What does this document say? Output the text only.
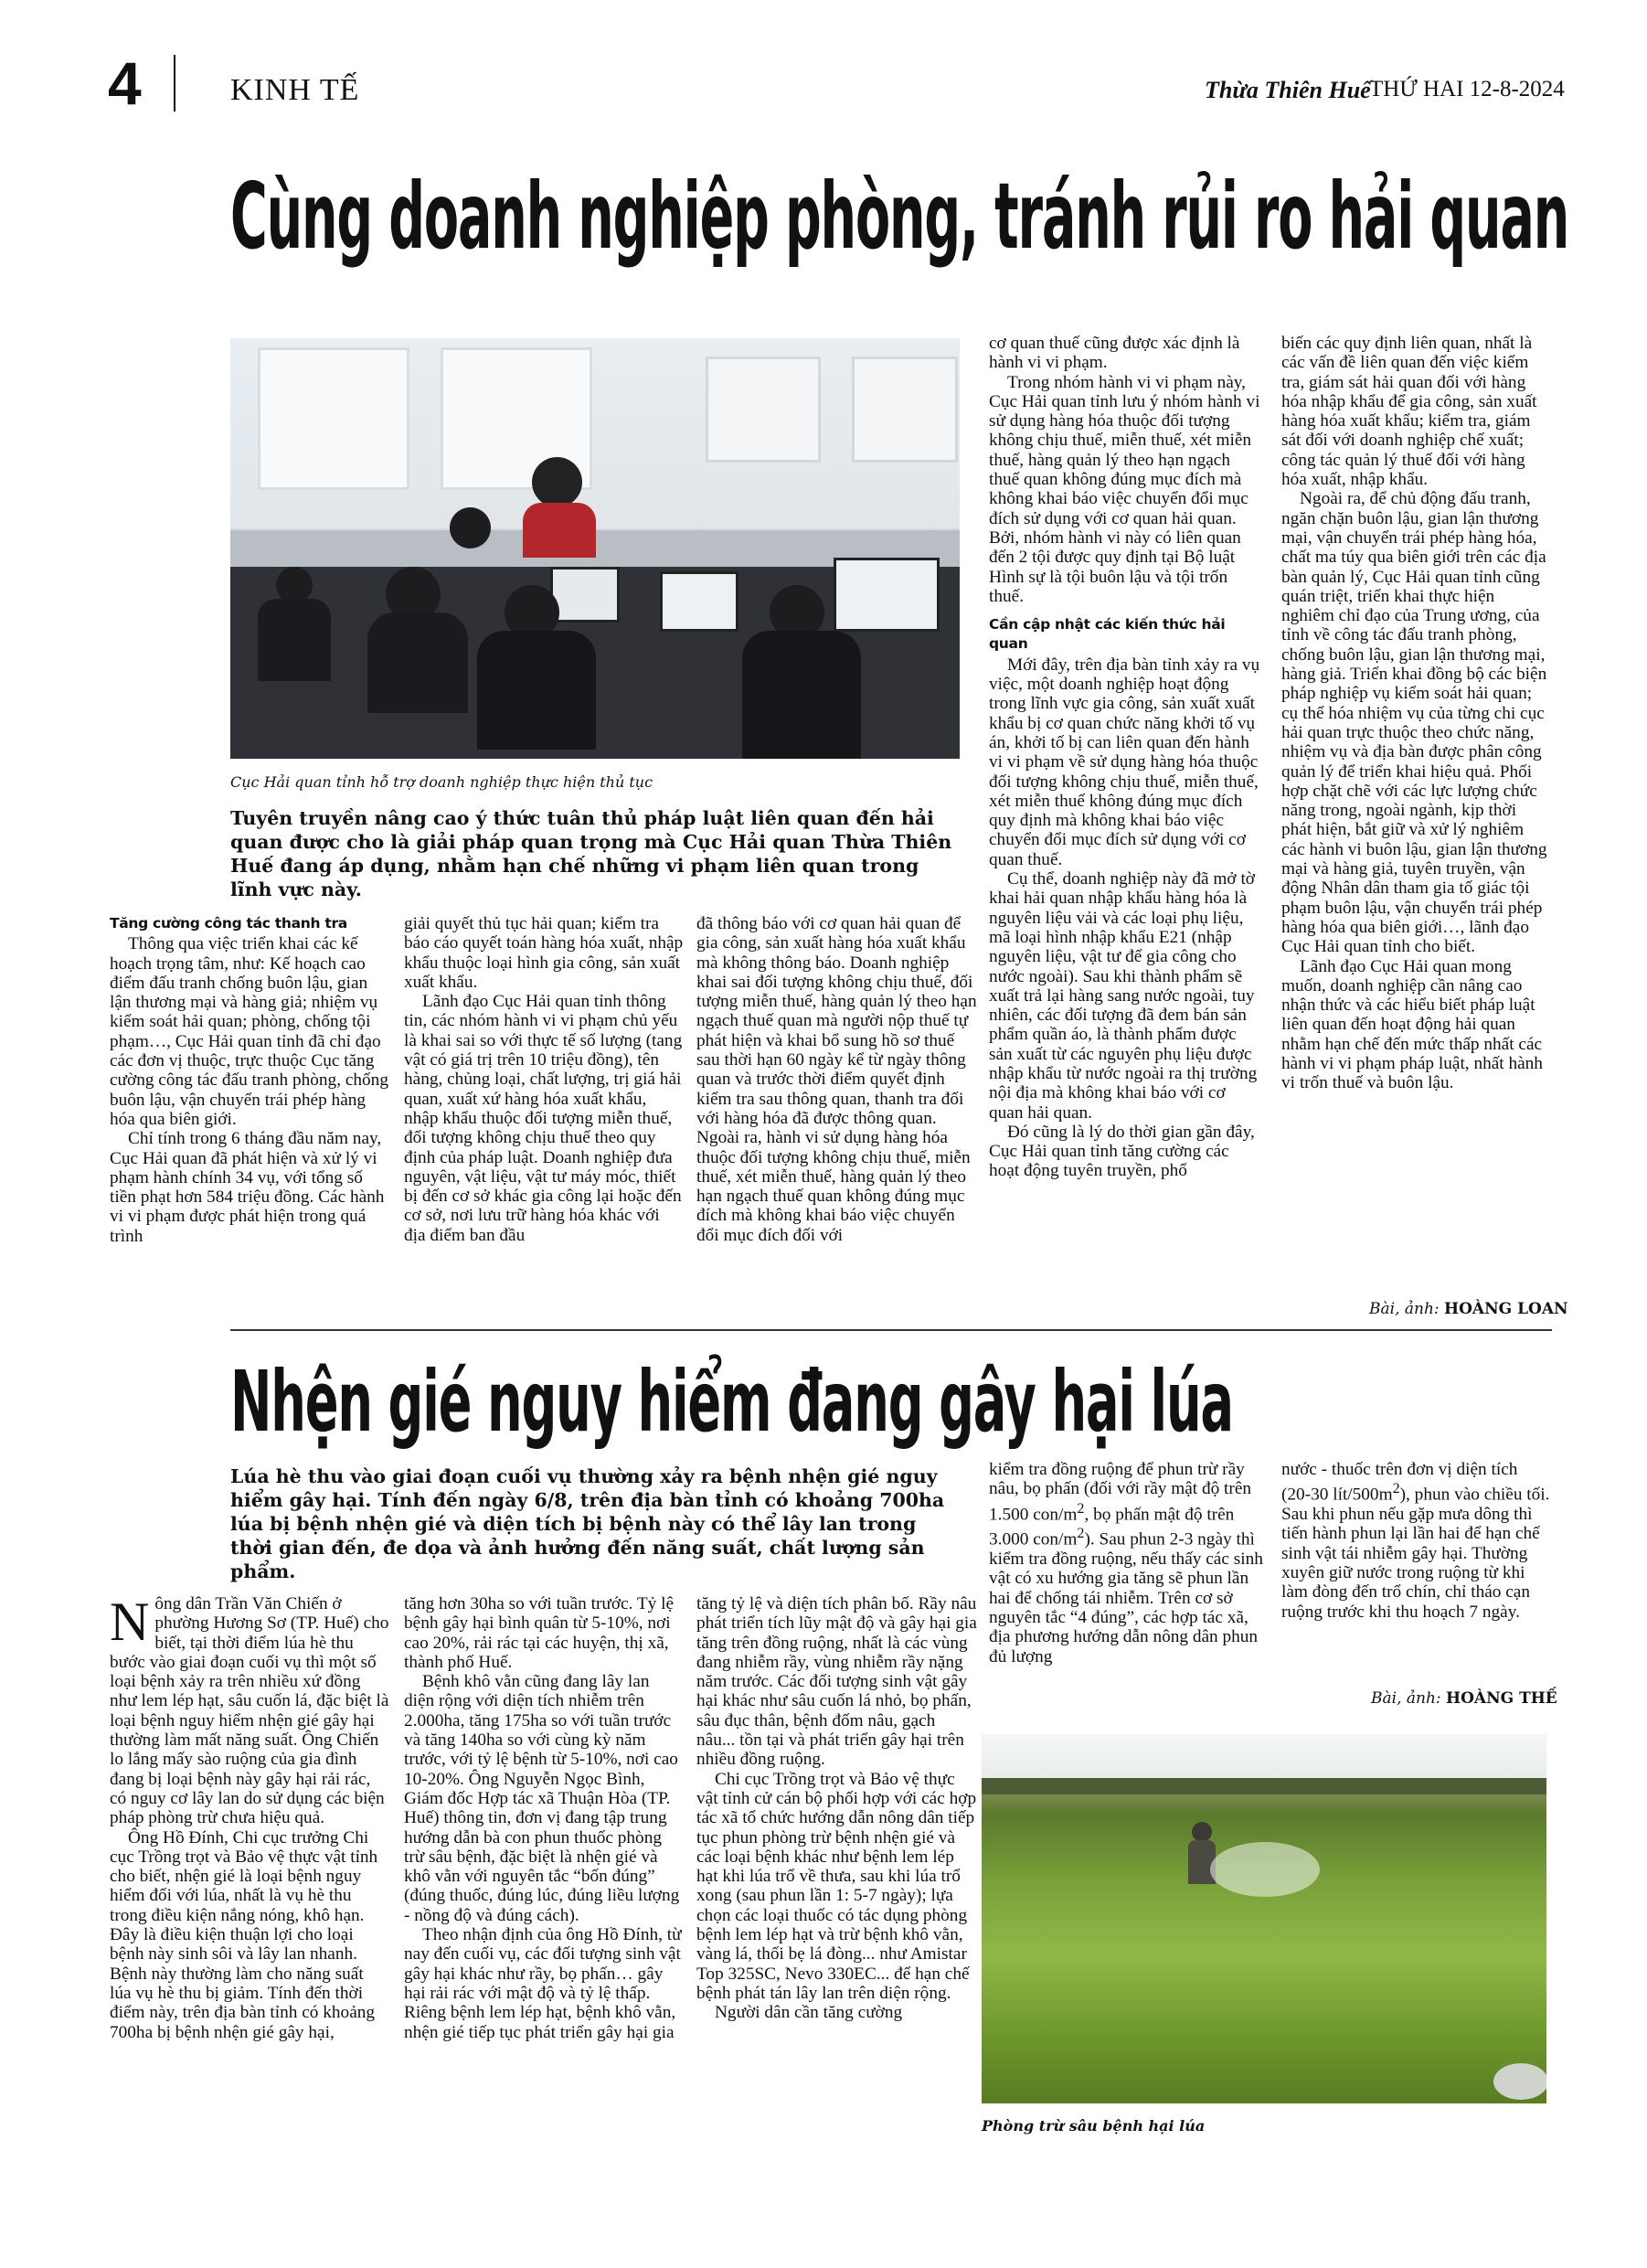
4	KINH TẾ	Thừa Thiên Huế
THỨ HAI 12-8-2024
Cùng doanh nghiệp phòng, tránh rủi ro hải quan
Cục Hải quan tỉnh hỗ trợ doanh nghiệp thực hiện thủ tục
Tuyên truyền nâng cao ý thức tuân thủ pháp luật liên quan đến hải quan được cho là giải pháp quan trọng mà Cục Hải quan Thừa Thiên Huế đang áp dụng, nhằm hạn chế những vi phạm liên quan trong lĩnh vực này.
Tăng cường công tác thanh tra

Thông qua việc triển khai các kế hoạch trọng tâm, như: Kế hoạch cao điểm đấu tranh chống buôn lậu, gian lận thương mại và hàng giả; nhiệm vụ kiểm soát hải quan; phòng, chống tội phạm…, Cục Hải quan tỉnh đã chỉ đạo các đơn vị thuộc, trực thuộc Cục tăng cường công tác đấu tranh phòng, chống buôn lậu, vận chuyển trái phép hàng hóa qua biên giới.

Chỉ tính trong 6 tháng đầu năm nay, Cục Hải quan đã phát hiện và xử lý vi phạm hành chính 34 vụ, với tổng số tiền phạt hơn 584 triệu đồng. Các hành vi vi phạm được phát hiện trong quá trình

giải quyết thủ tục hải quan; kiểm tra báo cáo quyết toán hàng hóa xuất, nhập khẩu thuộc loại hình gia công, sản xuất xuất khẩu.

Lãnh đạo Cục Hải quan tỉnh thông tin, các nhóm hành vi vi phạm chủ yếu là khai sai so với thực tế số lượng (tang vật có giá trị trên 10 triệu đồng), tên hàng, chủng loại, chất lượng, trị giá hải quan, xuất xứ hàng hóa xuất khẩu, nhập khẩu thuộc đối tượng miễn thuế, đối tượng không chịu thuế theo quy định của pháp luật. Doanh nghiệp đưa nguyên, vật liệu, vật tư máy móc, thiết bị đến cơ sở khác gia công lại hoặc đến cơ sở, nơi lưu trữ hàng hóa khác với địa điểm ban đầu

đã thông báo với cơ quan hải quan để gia công, sản xuất hàng hóa xuất khẩu mà không thông báo. Doanh nghiệp khai sai đối tượng không chịu thuế, đối tượng miễn thuế, hàng quản lý theo hạn ngạch thuế quan mà người nộp thuế tự phát hiện và khai bổ sung hồ sơ thuế sau thời hạn 60 ngày kể từ ngày thông quan và trước thời điểm quyết định kiểm tra sau thông quan, thanh tra đối với hàng hóa đã được thông quan. Ngoài ra, hành vi sử dụng hàng hóa thuộc đối tượng không chịu thuế, miễn thuế, xét miễn thuế, hàng quản lý theo hạn ngạch thuế quan không đúng mục đích mà không khai báo việc chuyển đổi mục đích đối với

cơ quan thuế cũng được xác định là hành vi vi phạm.

Trong nhóm hành vi vi phạm này, Cục Hải quan tỉnh lưu ý nhóm hành vi sử dụng hàng hóa thuộc đối tượng không chịu thuế, miễn thuế, xét miễn thuế, hàng quản lý theo hạn ngạch thuế quan không đúng mục đích mà không khai báo việc chuyển đổi mục đích sử dụng với cơ quan hải quan. Bởi, nhóm hành vi này có liên quan đến 2 tội được quy định tại Bộ luật Hình sự là tội buôn lậu và tội trốn thuế.

Cần cập nhật các kiến thức hải quan

Mới đây, trên địa bàn tỉnh xảy ra vụ việc, một doanh nghiệp hoạt động trong lĩnh vực gia công, sản xuất xuất khẩu bị cơ quan chức năng khởi tố vụ án, khởi tố bị can liên quan đến hành vi vi phạm về sử dụng hàng hóa thuộc đối tượng không chịu thuế, miễn thuế, xét miễn thuế không đúng mục đích quy định mà không khai báo việc chuyển đổi mục đích sử dụng với cơ quan thuế.

Cụ thể, doanh nghiệp này đã mở tờ khai hải quan nhập khẩu hàng hóa là nguyên liệu vải và các loại phụ liệu, mã loại hình nhập khẩu E21 (nhập nguyên liệu, vật tư để gia công cho nước ngoài). Sau khi thành phẩm sẽ xuất trả lại hàng sang nước ngoài, tuy nhiên, các đối tượng đã đem bán sản phẩm quần áo, là thành phẩm được sản xuất từ các nguyên phụ liệu được nhập khẩu từ nước ngoài ra thị trường nội địa mà không khai báo với cơ quan hải quan.

Đó cũng là lý do thời gian gần đây, Cục Hải quan tỉnh tăng cường các hoạt động tuyên truyền, phổ

biến các quy định liên quan, nhất là các vấn đề liên quan đến việc kiểm tra, giám sát hải quan đối với hàng hóa nhập khẩu để gia công, sản xuất hàng hóa xuất khẩu; kiểm tra, giám sát đối với doanh nghiệp chế xuất; công tác quản lý thuế đối với hàng hóa xuất, nhập khẩu.

Ngoài ra, để chủ động đấu tranh, ngăn chặn buôn lậu, gian lận thương mại, vận chuyển trái phép hàng hóa, chất ma túy qua biên giới trên các địa bàn quản lý, Cục Hải quan tỉnh cũng quán triệt, triển khai thực hiện nghiêm chỉ đạo của Trung ương, của tỉnh về công tác đấu tranh phòng, chống buôn lậu, gian lận thương mại, hàng giả. Triển khai đồng bộ các biện pháp nghiệp vụ kiểm soát hải quan; cụ thể hóa nhiệm vụ của từng chi cục hải quan trực thuộc theo chức năng, nhiệm vụ và địa bàn được phân công quản lý để triển khai hiệu quả. Phối hợp chặt chẽ với các lực lượng chức năng trong, ngoài ngành, kịp thời phát hiện, bắt giữ và xử lý nghiêm các hành vi buôn lậu, gian lận thương mại và hàng giả, tuyên truyền, vận động Nhân dân tham gia tố giác tội phạm buôn lậu, vận chuyển trái phép hàng hóa qua biên giới…, lãnh đạo Cục Hải quan tỉnh cho biết.

Lãnh đạo Cục Hải quan mong muốn, doanh nghiệp cần nâng cao nhận thức và các hiểu biết pháp luật liên quan đến hoạt động hải quan nhằm hạn chế đến mức thấp nhất các hành vi vi phạm pháp luật, nhất hành vi trốn thuế và buôn lậu.

Bài, ảnh: HOÀNG LOAN
Nhện gié nguy hiểm đang gây hại lúa
Lúa hè thu vào giai đoạn cuối vụ thường xảy ra bệnh nhện gié nguy hiểm gây hại. Tính đến ngày 6/8, trên địa bàn tỉnh có khoảng 700ha lúa bị bệnh nhện gié và diện tích bị bệnh này có thể lây lan trong thời gian đến, đe dọa và ảnh hưởng đến năng suất, chất lượng sản phẩm.

Nông dân Trần Văn Chiến ở phường Hương Sơ (TP. Huế) cho biết, tại thời điểm lúa hè thu bước vào giai đoạn cuối vụ thì một số loại bệnh xảy ra trên nhiều xứ đồng như lem lép hạt, sâu cuốn lá, đặc biệt là loại bệnh nguy hiểm nhện gié gây hại thường làm mất năng suất. Ông Chiến lo lắng mấy sào ruộng của gia đình đang bị loại bệnh này gây hại rải rác, có nguy cơ lây lan do sử dụng các biện pháp phòng trừ chưa hiệu quả.

Ông Hồ Đính, Chi cục trưởng Chi cục Trồng trọt và Bảo vệ thực vật tỉnh cho biết, nhện gié là loại bệnh nguy hiểm đối với lúa, nhất là vụ hè thu trong điều kiện nắng nóng, khô hạn. Đây là điều kiện thuận lợi cho loại bệnh này sinh sôi và lây lan nhanh. Bệnh này thường làm cho năng suất lúa vụ hè thu bị giảm. Tính đến thời điểm này, trên địa bàn tỉnh có khoảng 700ha bị bệnh nhện gié gây hại,

tăng hơn 30ha so với tuần trước. Tỷ lệ bệnh gây hại bình quân từ 5-10%, nơi cao 20%, rải rác tại các huyện, thị xã, thành phố Huế.

Bệnh khô vằn cũng đang lây lan diện rộng với diện tích nhiễm trên 2.000ha, tăng 175ha so với tuần trước và tăng 140ha so với cùng kỳ năm trước, với tỷ lệ bệnh từ 5-10%, nơi cao 10-20%. Ông Nguyễn Ngọc Bình, Giám đốc Hợp tác xã Thuận Hòa (TP. Huế) thông tin, đơn vị đang tập trung hướng dẫn bà con phun thuốc phòng trừ sâu bệnh, đặc biệt là nhện gié và khô vằn với nguyên tắc “bốn đúng” (đúng thuốc, đúng lúc, đúng liều lượng - nồng độ và đúng cách).

Theo nhận định của ông Hồ Đính, từ nay đến cuối vụ, các đối tượng sinh vật gây hại khác như rầy, bọ phấn… gây hại rải rác với mật độ và tỷ lệ thấp. Riêng bệnh lem lép hạt, bệnh khô vằn, nhện gié tiếp tục phát triển gây hại gia

tăng tỷ lệ và diện tích phân bố. Rầy nâu phát triển tích lũy mật độ và gây hại gia tăng trên đồng ruộng, nhất là các vùng đang nhiễm rầy, vùng nhiễm rầy nặng năm trước. Các đối tượng sinh vật gây hại khác như sâu cuốn lá nhỏ, bọ phấn, sâu đục thân, bệnh đốm nâu, gạch nâu... tồn tại và phát triển gây hại trên nhiều đồng ruộng.

Chi cục Trồng trọt và Bảo vệ thực vật tỉnh cử cán bộ phối hợp với các hợp tác xã tổ chức hướng dẫn nông dân tiếp tục phun phòng trừ bệnh nhện gié và các loại bệnh khác như bệnh lem lép hạt khi lúa trổ về thưa, sau khi lúa trổ xong (sau phun lần 1: 5-7 ngày); lựa chọn các loại thuốc có tác dụng phòng bệnh lem lép hạt và trừ bệnh khô vằn, vàng lá, thối bẹ lá đòng... như Amistar Top 325SC, Nevo 330EC... để hạn chế bệnh phát tán lây lan trên diện rộng.

Người dân cần tăng cường

kiểm tra đồng ruộng để phun trừ rầy nâu, bọ phấn (đối với rầy mật độ trên 1.500 con/$m^2$, bọ phấn mật độ trên 3.000 con/$m^2$). Sau phun 2-3 ngày thì kiểm tra đồng ruộng, nếu thấy các sinh vật có xu hướng gia tăng sẽ phun lần hai để chống tái nhiễm. Trên cơ sở nguyên tắc “4 đúng”, các hợp tác xã, địa phương hướng dẫn nông dân phun đủ lượng

nước - thuốc trên đơn vị diện tích (20-30 lít/$500m^2$), phun vào chiều tối. Sau khi phun nếu gặp mưa dông thì tiến hành phun lại lần hai để hạn chế sinh vật tái nhiễm gây hại. Thường xuyên giữ nước trong ruộng từ khi làm đòng đến trổ chín, chỉ tháo cạn ruộng trước khi thu hoạch 7 ngày.

Bài, ảnh: HOÀNG THẾ
Phòng trừ sâu bệnh hại lúa
